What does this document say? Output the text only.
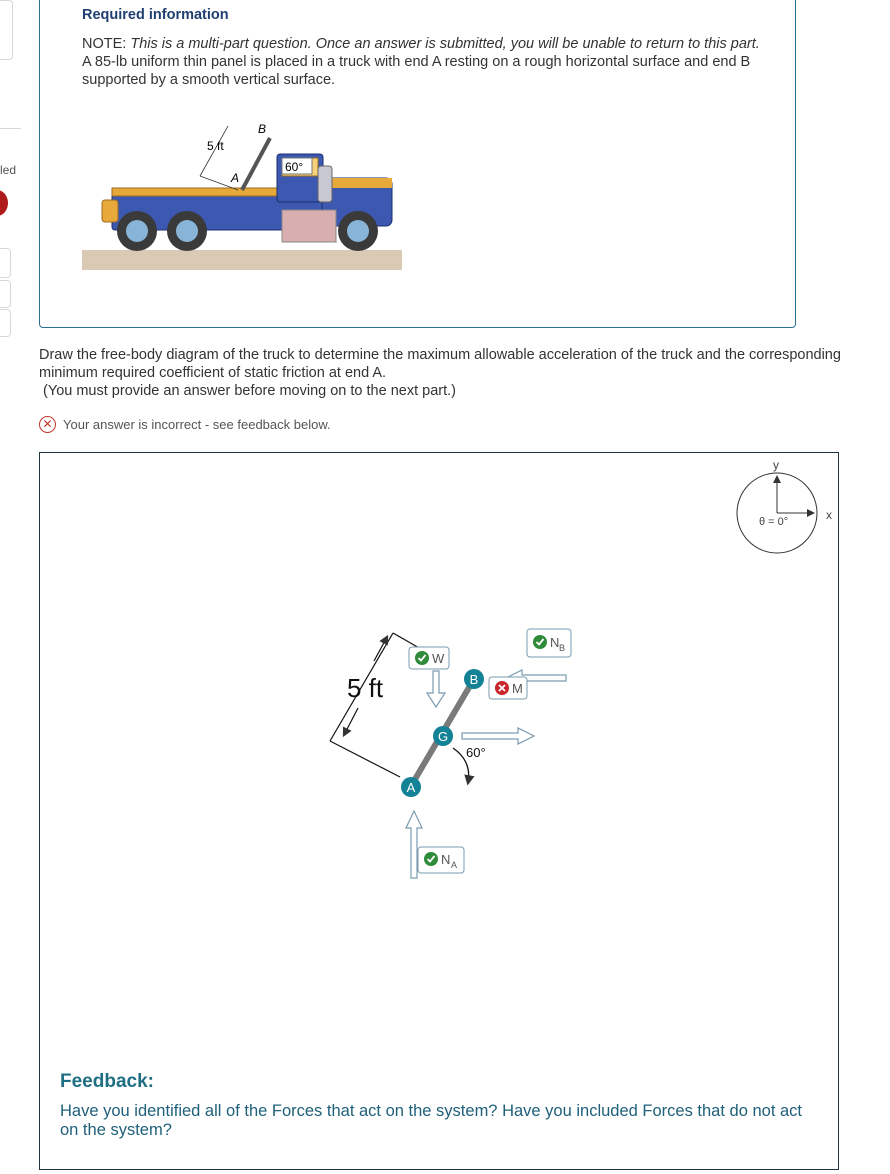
led
Required information
NOTE: This is a multi-part question. Once an answer is submitted, you will be unable to return to this part.
A 85-lb uniform thin panel is placed in a truck with end A resting on a rough horizontal surface and end B supported by a smooth vertical surface.
5 ft
B
A
60°
Draw the free-body diagram of the truck to determine the maximum allowable acceleration of the truck and the corresponding minimum required coefficient of static friction at end A.
(You must provide an answer before moving on to the next part.)
✕ Your answer is incorrect - see feedback below.
y
x
θ = 0°
5 ft
60°
B
G
A
W
N B
M
N A
Feedback:
Have you identified all of the Forces that act on the system? Have you included Forces that do not act on the system?
